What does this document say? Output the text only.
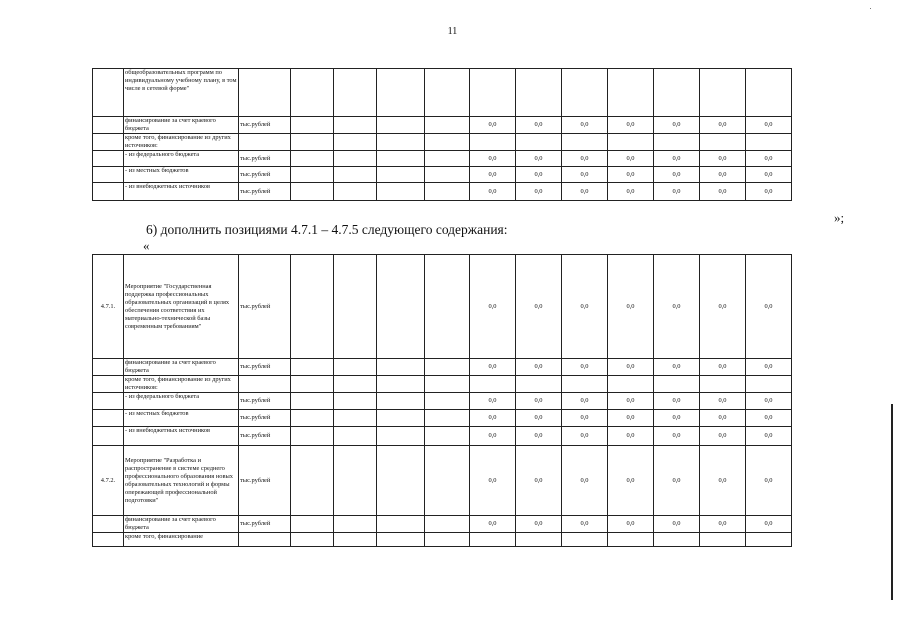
11
	общеобразовательных программ по индивидуальному учебному плану, в том числе в сетевой форме"												
	финансирование за счет краевого бюджета	тыс.рублей					0,0	0,0	0,0	0,0	0,0	0,0	0,0
	кроме того, финансирование из других источников:												
	- из федерального бюджета	тыс.рублей					0,0	0,0	0,0	0,0	0,0	0,0	0,0
	- из местных бюджетов	тыс.рублей					0,0	0,0	0,0	0,0	0,0	0,0	0,0
	- из внебюджетных источников	тыс.рублей					0,0	0,0	0,0	0,0	0,0	0,0	0,0
»;
6) дополнить позициями 4.7.1 – 4.7.5 следующего содержания:
«
4.7.1.	Мероприятие "Государственная поддержка профессиональных образовательных организаций в целях обеспечения соответствия их материально-технической базы современным требованиям"	тыс.рублей					0,0	0,0	0,0	0,0	0,0	0,0	0,0
	финансирование за счет краевого бюджета	тыс.рублей					0,0	0,0	0,0	0,0	0,0	0,0	0,0
	кроме того, финансирование из других источников:												
	- из федерального бюджета	тыс.рублей					0,0	0,0	0,0	0,0	0,0	0,0	0,0
	- из местных бюджетов	тыс.рублей					0,0	0,0	0,0	0,0	0,0	0,0	0,0
	- из внебюджетных источников	тыс.рублей					0,0	0,0	0,0	0,0	0,0	0,0	0,0
4.7.2.	Мероприятие "Разработка и распространение в системе среднего профессионального образования новых образовательных технологий и формы опережающей профессиональной подготовки"	тыс.рублей					0,0	0,0	0,0	0,0	0,0	0,0	0,0
	финансирование за счет краевого бюджета	тыс.рублей					0,0	0,0	0,0	0,0	0,0	0,0	0,0
	кроме того, финансирование												
